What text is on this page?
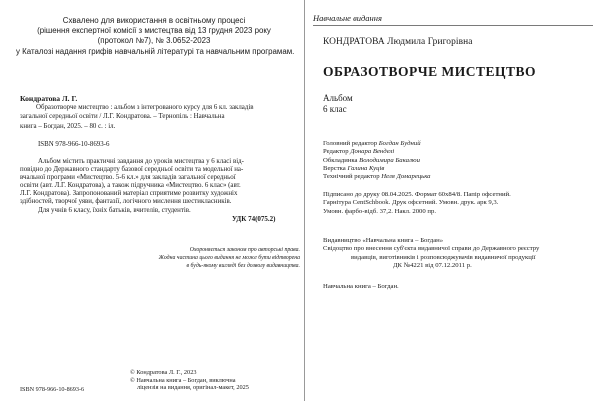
Схвалено для використання в освітньому процесі
(рішення експертної комісії з мистецтва від 13 грудня 2023 року
(протокол №7), № 3.0652-2023
у Каталозі надання грифів навчальній літературі та навчальним програмам.
Кондратова Л. Г.
Образотворче мистецтво : альбом з інтегрованого курсу для 6 кл. закладів
загальної середньої освіти / Л.Г. Кондратова. – Тернопіль : Навчальна
книга – Богдан, 2025. – 80 с. : іл.
ISBN 978-966-10-8693-6
Альбом містить практичні завдання до уроків мистецтва у 6 класі від-
повідно до Державного стандарту базової середньої освіти та модельної на-
вчальної програми «Мистецтво. 5-6 кл.» для закладів загальної середньої
освіти (авт. Л.Г. Кондратова), а також підручника «Мистецтво. 6 клас» (авт.
Л.Г. Кондратова). Запропонований матеріал сприятиме розвитку художніх
здібностей, творчої уяви, фантазії, логічного мислення шестикласників.
Для учнів 6 класу, їхніх батьків, вчителів, студентів.
УДК 74(075.2)
Охороняється законом про авторські права.
Жодна частина цього видання не може бути відтворена
в будь-якому вигляді без дозволу видавництва.
© Кондратова Л. Г., 2023
© Навчальна книга – Богдан, виключна
ліцензія на видання, оригінал-макет, 2025
ISBN 978-966-10-8693-6
Навчальне видання
КОНДРАТОВА Людмила Григорівна
ОБРАЗОТВОРЧЕ МИСТЕЦТВО
Альбом
6 клас
Головний редактор Богдан Будний
Редактор Донара Венделі
Обкладинка Володимира Бакалюи
Верстка Галина Куців
Технічний редактор Неля Домарецька
Підписано до друку 08.04.2025. Формат 60х84/8. Папір офсетний.
Гарнітура CentSchbook. Друк офсетний. Умовн. друк. арк 9,3.
Умовн. фарбо-відб. 37,2. Накл. 2000 пр.
Видавництво «Навчальна книга – Богдан»
Свідоцтво про внесення суб'єкта видавничої справи до Державного реєстру
видавців, виготівників і розповсюджувачів видавничої продукції
ДК №4221 від 07.12.2011 р.
Навчальна книга – Богдан.
